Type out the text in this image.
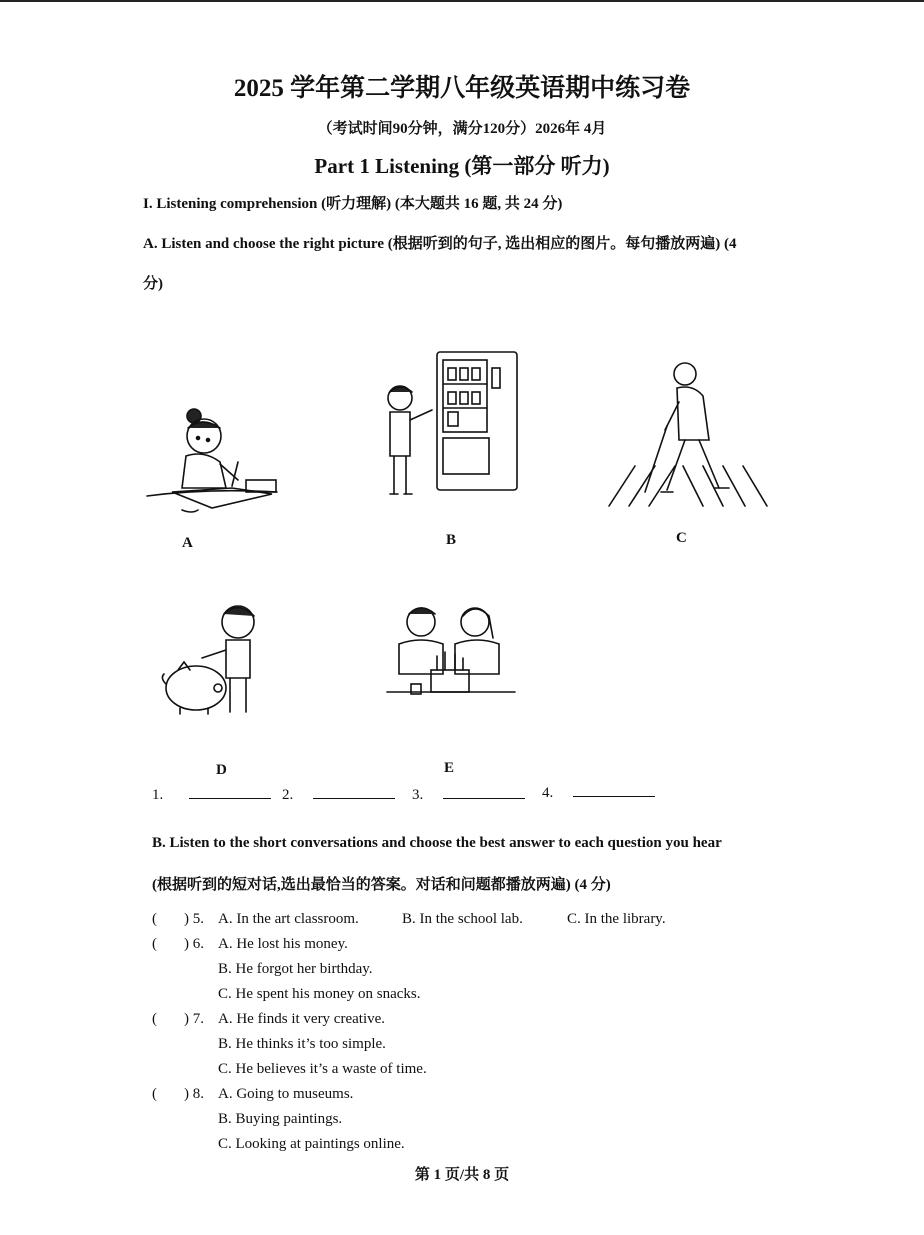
2025 学年第二学期八年级英语期中练习卷
（考试时间90分钟，满分120分）2026年 4月
Part 1 Listening (第一部分 听力)
I. Listening comprehension (听力理解) (本大题共 16 题, 共 24 分)
A. Listen and choose the right picture (根据听到的句子, 选出相应的图片。每句播放两遍) (4
分)
A	B	C
D	E
1.	2.	3.	4.
B. Listen to the short conversations and choose the best answer to each question you hear
(根据听到的短对话,选出最恰当的答案。对话和问题都播放两遍) (4 分)
( ) 5. A. In the art classroom.	B. In the school lab.	C. In the library.
( ) 6. A. He lost his money.
B. He forgot her birthday.
C. He spent his money on snacks.
( ) 7. A. He finds it very creative.
B. He thinks it’s too simple.
C. He believes it’s a waste of time.
( ) 8. A. Going to museums.
B. Buying paintings.
C. Looking at paintings online.
第 1 页/共 8 页
